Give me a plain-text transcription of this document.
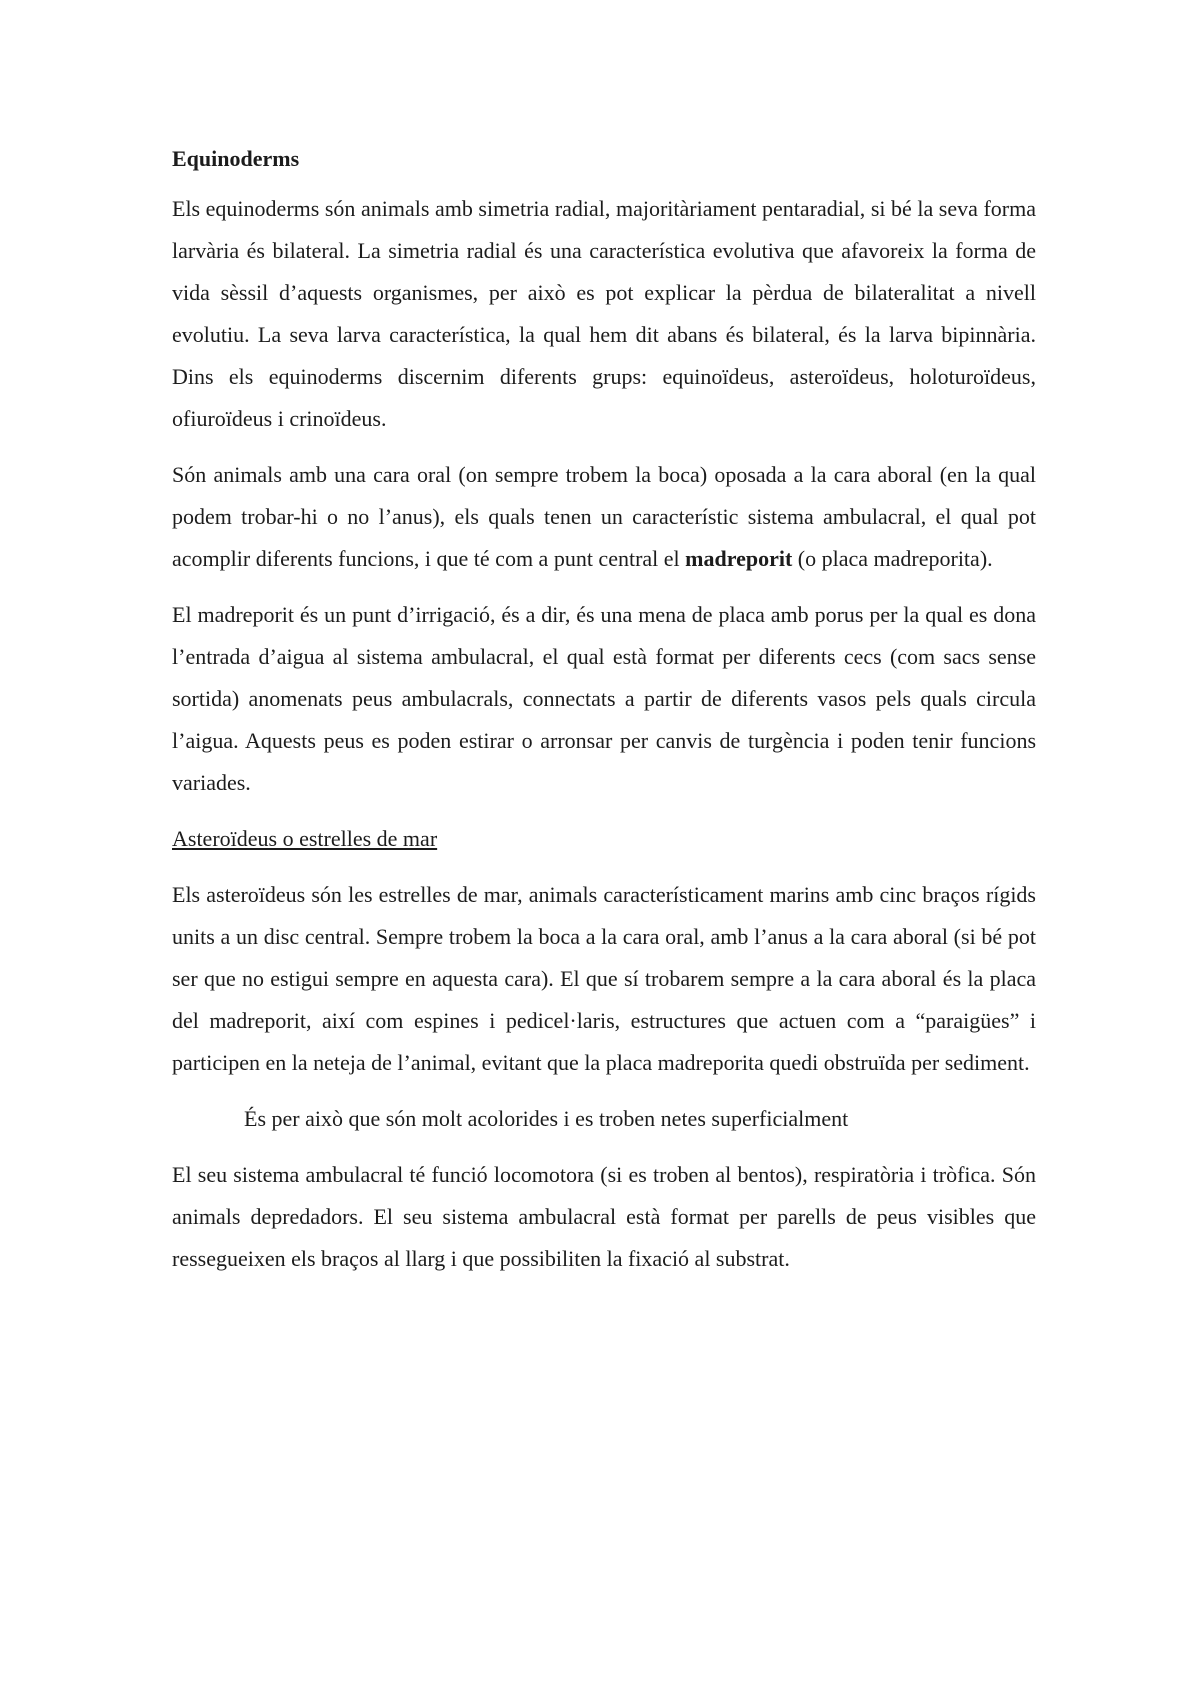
Equinoderms

Els equinoderms són animals amb simetria radial, majoritàriament pentaradial, si bé la seva forma larvària és bilateral. La simetria radial és una característica evolutiva que afavoreix la forma de vida sèssil d’aquests organismes, per això es pot explicar la pèrdua de bilateralitat a nivell evolutiu. La seva larva característica, la qual hem dit abans és bilateral, és la larva bipinnària. Dins els equinoderms discernim diferents grups: equinoïdeus, asteroïdeus, holoturoïdeus, ofiuroïdeus i crinoïdeus.

Són animals amb una cara oral (on sempre trobem la boca) oposada a la cara aboral (en la qual podem trobar-hi o no l’anus), els quals tenen un característic sistema ambulacral, el qual pot acomplir diferents funcions, i que té com a punt central el madreporit (o placa madreporita).

El madreporit és un punt d’irrigació, és a dir, és una mena de placa amb porus per la qual es dona l’entrada d’aigua al sistema ambulacral, el qual està format per diferents cecs (com sacs sense sortida) anomenats peus ambulacrals, connectats a partir de diferents vasos pels quals circula l’aigua. Aquests peus es poden estirar o arronsar per canvis de turgència i poden tenir funcions variades.

Asteroïdeus o estrelles de mar

Els asteroïdeus són les estrelles de mar, animals característicament marins amb cinc braços rígids units a un disc central. Sempre trobem la boca a la cara oral, amb l’anus a la cara aboral (si bé pot ser que no estigui sempre en aquesta cara). El que sí trobarem sempre a la cara aboral és la placa del madreporit, així com espines i pedicel·laris, estructures que actuen com a “paraigües” i participen en la neteja de l’animal, evitant que la placa madreporita quedi obstruïda per sediment.

És per això que són molt acolorides i es troben netes superficialment

El seu sistema ambulacral té funció locomotora (si es troben al bentos), respiratòria i tròfica. Són animals depredadors. El seu sistema ambulacral està format per parells de peus visibles que ressegueixen els braços al llarg i que possibiliten la fixació al substrat.
